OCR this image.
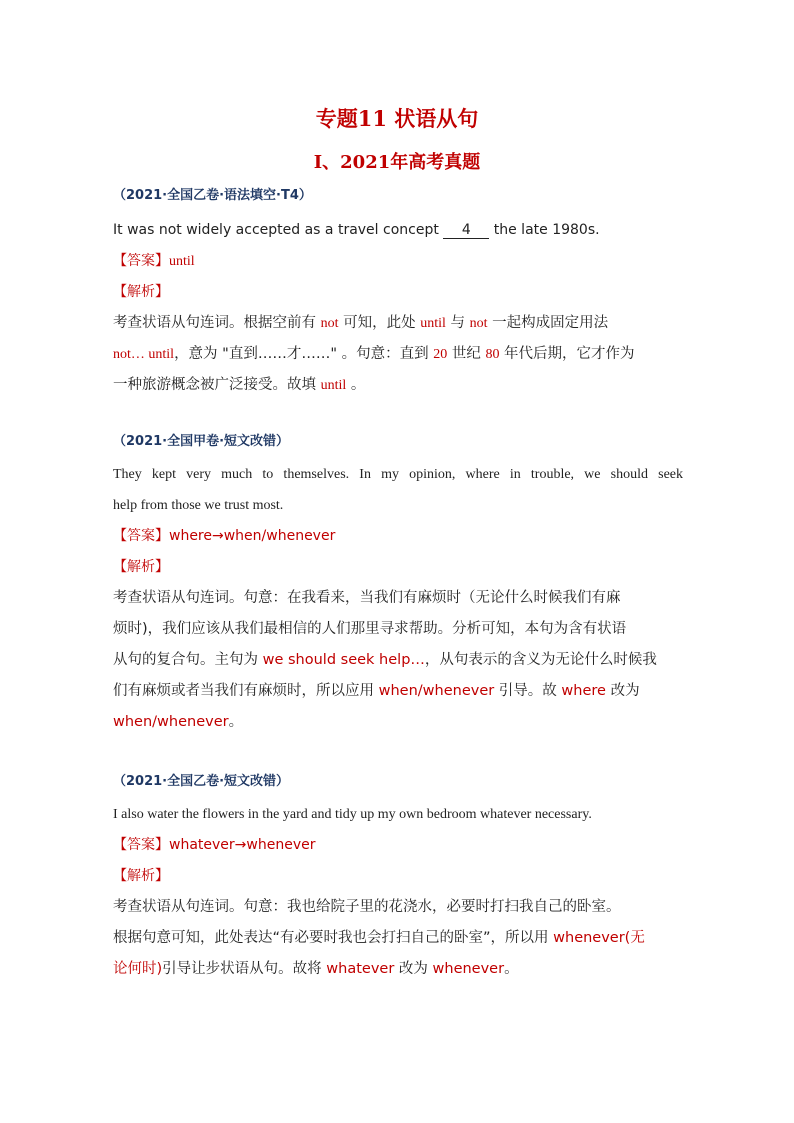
专题11 状语从句
I、2021年高考真题
（2021·全国乙卷·语法填空·T4）
It was not widely accepted as a travel concept 4 the late 1980s.
【答案】until
【解析】
考查状语从句连词。根据空前有 not 可知，此处 until 与 not 一起构成固定用法
not… until，意为 "直到……才……" 。句意：直到 20 世纪 80 年代后期，它才作为
一种旅游概念被广泛接受。故填 until 。
（2021·全国甲卷·短文改错）
They kept very much to themselves. In my opinion, where in trouble, we should seek
help from those we trust most.
【答案】where→when/whenever
【解析】
考查状语从句连词。句意：在我看来，当我们有麻烦时（无论什么时候我们有麻
烦时)，我们应该从我们最相信的人们那里寻求帮助。分析可知，本句为含有状语
从句的复合句。主句为 we should seek help…，从句表示的含义为无论什么时候我
们有麻烦或者当我们有麻烦时，所以应用 when/whenever 引导。故 where 改为
when/whenever。
（2021·全国乙卷·短文改错）
I also water the flowers in the yard and tidy up my own bedroom whatever necessary.
【答案】whatever→whenever
【解析】
考查状语从句连词。句意：我也给院子里的花浇水，必要时打扫我自己的卧室。
根据句意可知，此处表达“有必要时我也会打扫自己的卧室”，所以用 whenever(无
论何时)引导让步状语从句。故将 whatever 改为 whenever。
